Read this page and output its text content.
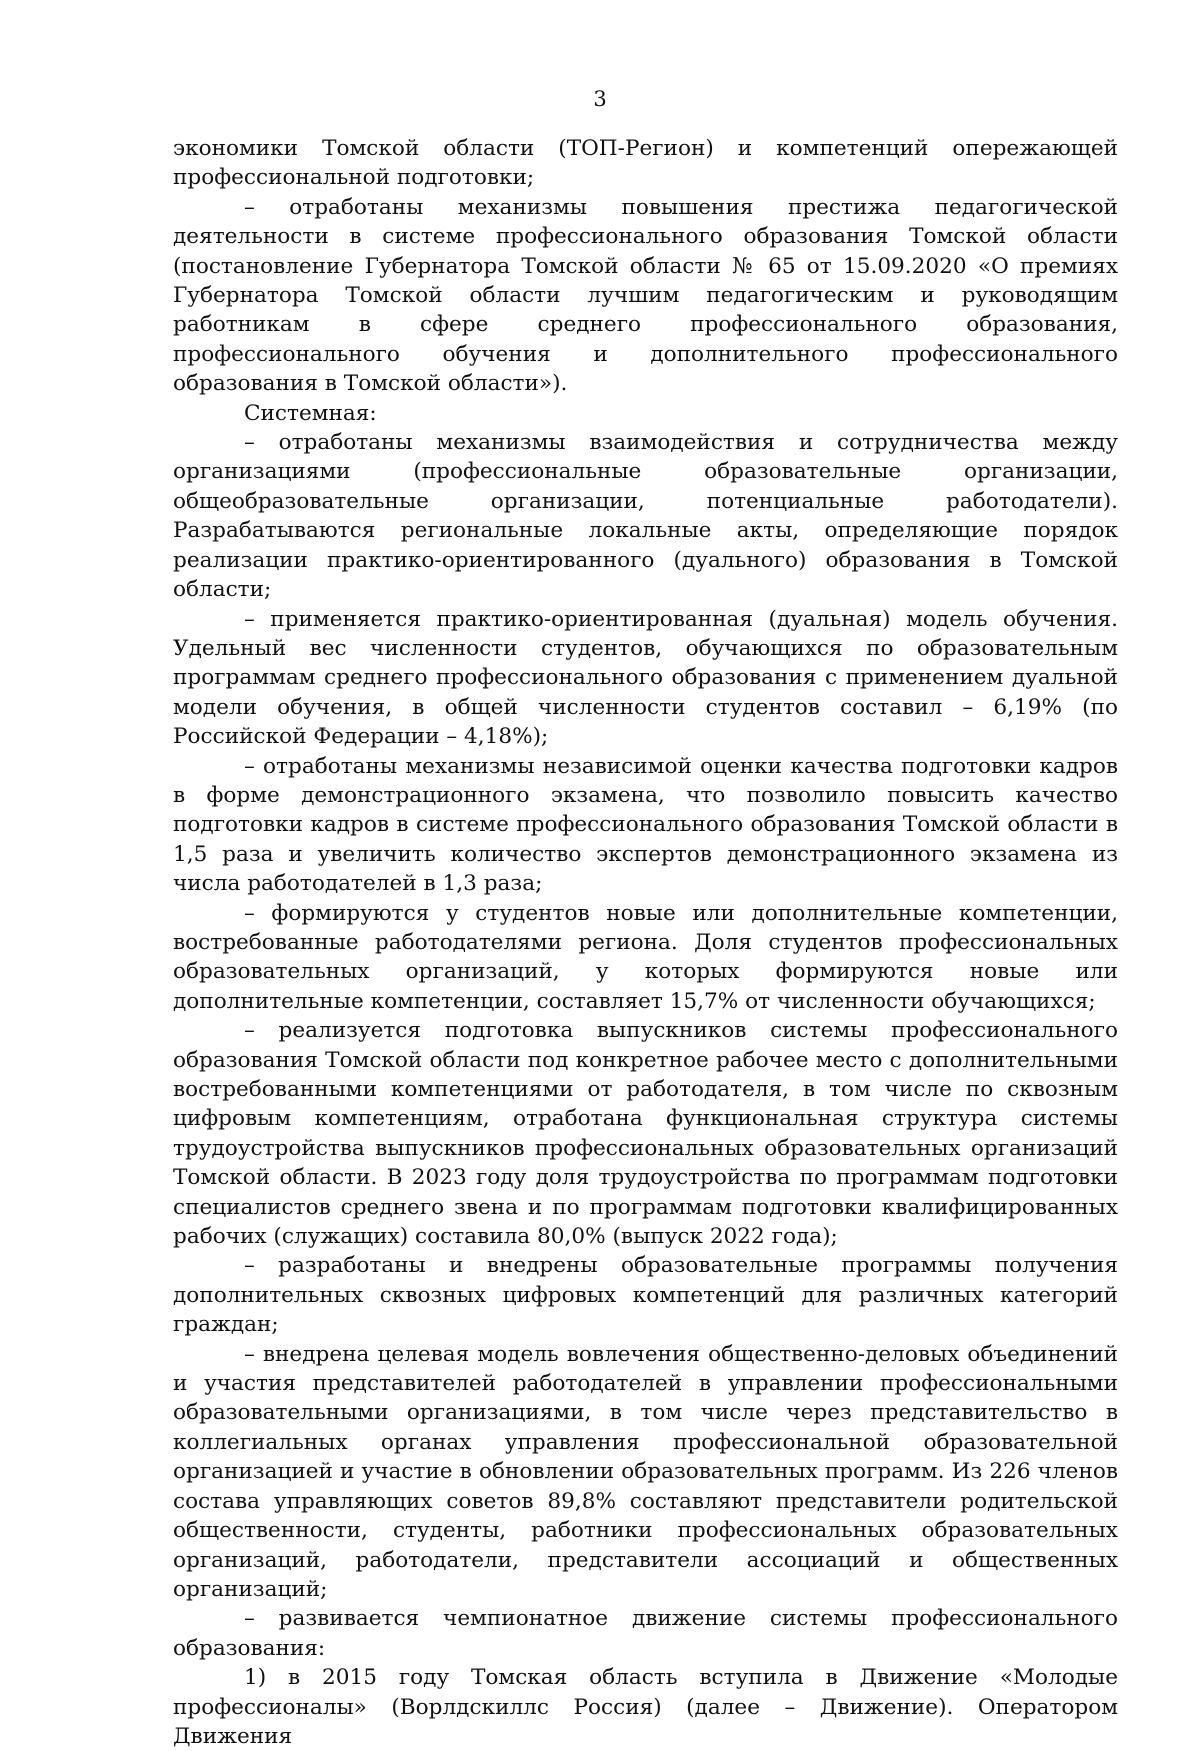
3

экономики Томской области (ТОП-Регион) и компетенций опережающей профессиональной подготовки;

– отработаны механизмы повышения престижа педагогической деятельности в системе профессионального образования Томской области (постановление Губернатора Томской области № 65 от 15.09.2020 «О премиях Губернатора Томской области лучшим педагогическим и руководящим работникам в сфере среднего профессионального образования, профессионального обучения и дополнительного профессионального образования в Томской области»).

Системная:

– отработаны механизмы взаимодействия и сотрудничества между организациями (профессиональные образовательные организации, общеобразовательные организации, потенциальные работодатели). Разрабатываются региональные локальные акты, определяющие порядок реализации практико-ориентированного (дуального) образования в Томской области;

– применяется практико-ориентированная (дуальная) модель обучения. Удельный вес численности студентов, обучающихся по образовательным программам среднего профессионального образования с применением дуальной модели обучения, в общей численности студентов составил – 6,19% (по Российской Федерации – 4,18%);

– отработаны механизмы независимой оценки качества подготовки кадров в форме демонстрационного экзамена, что позволило повысить качество подготовки кадров в системе профессионального образования Томской области в 1,5 раза и увеличить количество экспертов демонстрационного экзамена из числа работодателей в 1,3 раза;

– формируются у студентов новые или дополнительные компетенции, востребованные работодателями региона. Доля студентов профессиональных образовательных организаций, у которых формируются новые или дополнительные компетенции, составляет 15,7% от численности обучающихся;

– реализуется подготовка выпускников системы профессионального образования Томской области под конкретное рабочее место с дополнительными востребованными компетенциями от работодателя, в том числе по сквозным цифровым компетенциям, отработана функциональная структура системы трудоустройства выпускников профессиональных образовательных организаций Томской области. В 2023 году доля трудоустройства по программам подготовки специалистов среднего звена и по программам подготовки квалифицированных рабочих (служащих) составила 80,0% (выпуск 2022 года);

– разработаны и внедрены образовательные программы получения дополнительных сквозных цифровых компетенций для различных категорий граждан;

– внедрена целевая модель вовлечения общественно-деловых объединений и участия представителей работодателей в управлении профессиональными образовательными организациями, в том числе через представительство в коллегиальных органах управления профессиональной образовательной организацией и участие в обновлении образовательных программ. Из 226 членов состава управляющих советов 89,8% составляют представители родительской общественности, студенты, работники профессиональных образовательных организаций, работодатели, представители ассоциаций и общественных организаций;

– развивается чемпионатное движение системы профессионального образования:

1) в 2015 году Томская область вступила в Движение «Молодые профессионалы» (Ворлдскиллс Россия) (далее – Движение). Оператором Движения
